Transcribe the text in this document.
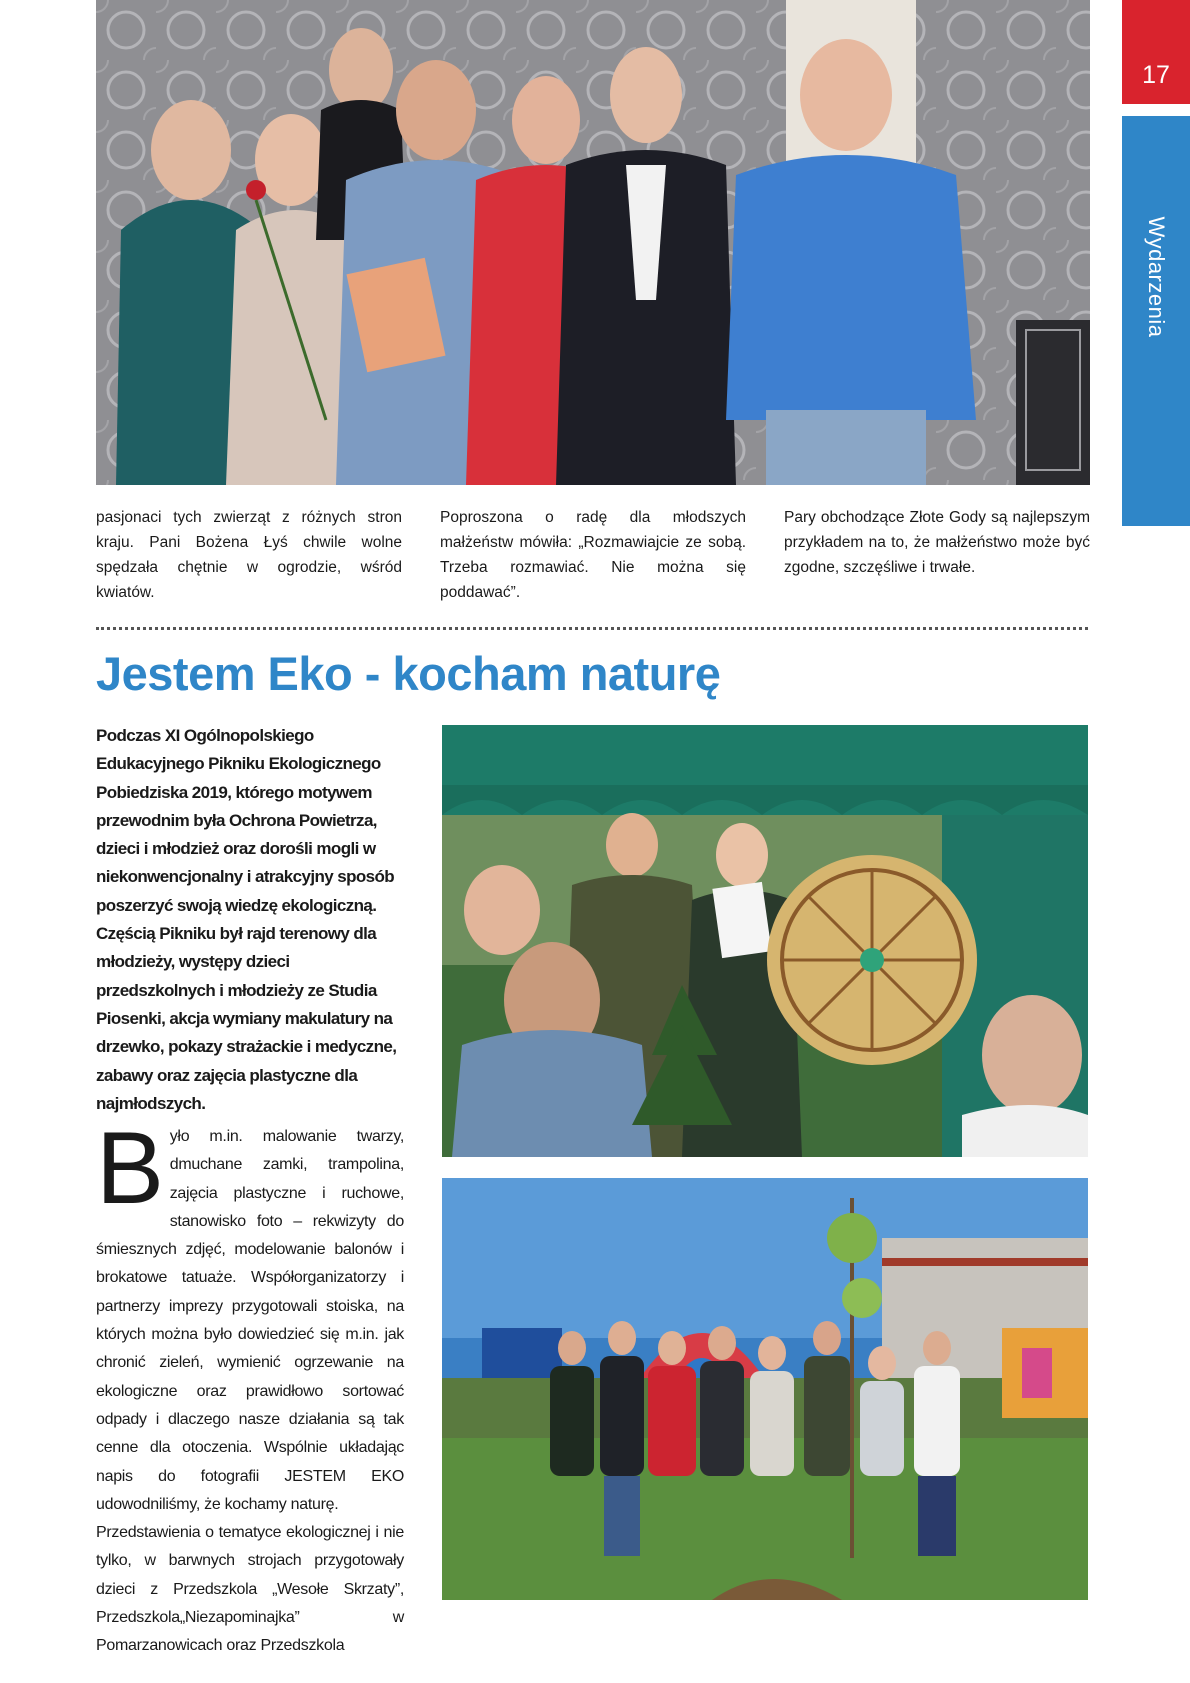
17
Wydarzenia
pasjonaci tych zwierząt z różnych stron kraju. Pani Bożena Łyś chwile wolne spędzała chętnie w ogrodzie, wśród kwiatów.
Poproszona o radę dla młodszych małżeństw mówiła: „Rozmawiajcie ze sobą. Trzeba rozmawiać. Nie można się poddawać”.
Pary obchodzące Złote Gody są najlepszym przykładem na to, że małżeństwo może być zgodne, szczęśliwe i trwałe.
Jestem Eko - kocham naturę

Podczas XI Ogólnopolskiego Edukacyjnego Pikniku Ekologicznego Pobiedziska 2019, którego motywem przewodnim była Ochrona Powietrza, dzieci i młodzież oraz dorośli mogli w niekonwencjonalny i atrakcyjny sposób poszerzyć swoją wiedzę ekologiczną. Częścią Pikniku był rajd terenowy dla młodzieży, występy dzieci przedszkolnych i młodzieży ze Studia Piosenki, akcja wymiany makulatury na drzewko, pokazy strażackie i medyczne, zabawy oraz zajęcia plastyczne dla najmłodszych.

B yło m.in. malowanie twarzy, dmuchane zamki, trampolina, zajęcia plastyczne i ruchowe, stanowisko foto – rekwizyty do śmiesznych zdjęć, modelowanie balonów i brokatowe tatuaże. Współorganizatorzy i partnerzy imprezy przygotowali stoiska, na których można było dowiedzieć się m.in. jak chronić zieleń, wymienić ogrzewanie na ekologiczne oraz prawidłowo sortować odpady i dlaczego nasze działania są tak cenne dla otoczenia. Wspólnie układając napis do fotografii JESTEM EKO udowodniliśmy, że kochamy naturę.

Przedstawienia o tematyce ekologicznej i nie tylko, w barwnych strojach przygotowały dzieci z Przedszkola „Wesołe Skrzaty”, Przedszkola„Niezapominajka” w Pomarzanowicach oraz Przedszkola
